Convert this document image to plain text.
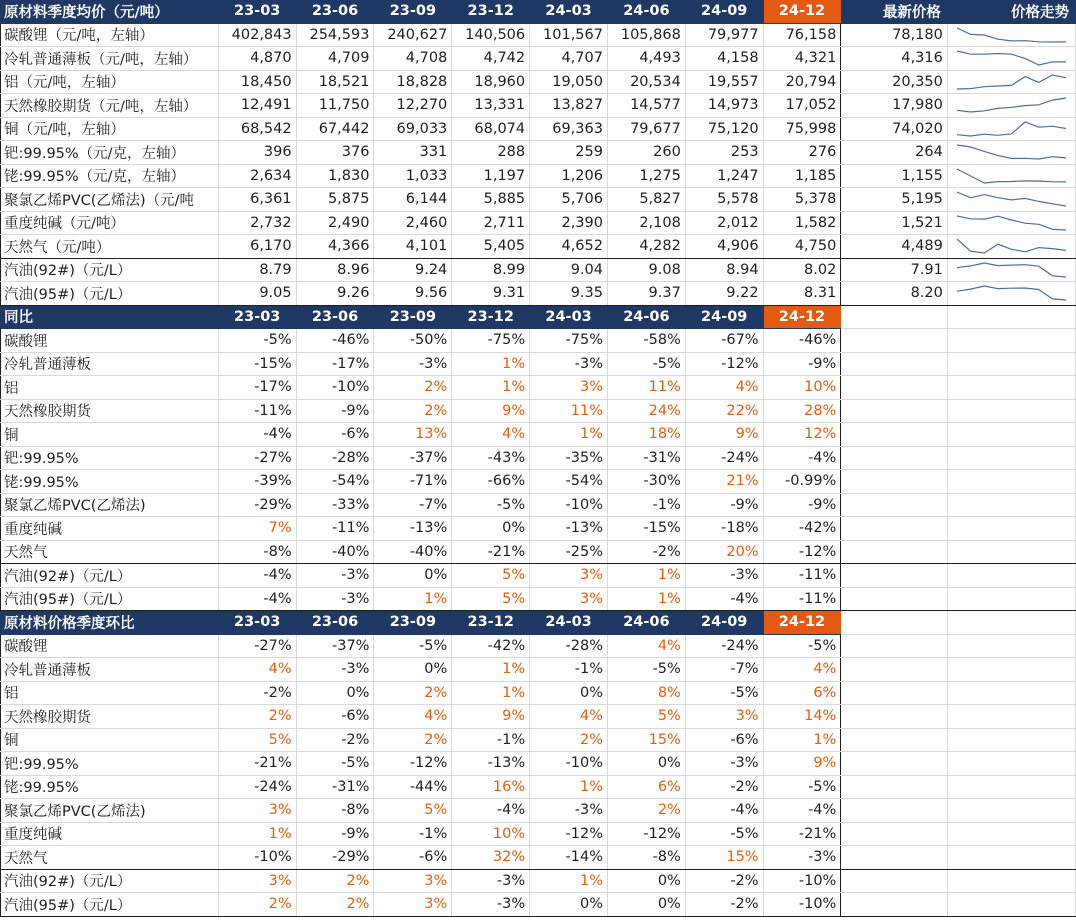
原材料季度均价（元/吨）	23-03	23-06	23-09	23-12	24-03	24-06	24-09	24-12	最新价格	价格走势
碳酸锂（元/吨，左轴）	402,843	254,593	240,627	140,506	101,567	105,868	79,977	76,158	78,180	

冷轧普通薄板（元/吨，左轴）	4,870	4,709	4,708	4,742	4,707	4,493	4,158	4,321	4,316	

铝（元/吨，左轴）	18,450	18,521	18,828	18,960	19,050	20,534	19,557	20,794	20,350	

天然橡胶期货（元/吨，左轴）	12,491	11,750	12,270	13,331	13,827	14,577	14,973	17,052	17,980	

铜（元/吨，左轴）	68,542	67,442	69,033	68,074	69,363	79,677	75,120	75,998	74,020	

钯:99.95%（元/克，左轴）	396	376	331	288	259	260	253	276	264	

铑:99.95%（元/克，左轴）	2,634	1,830	1,033	1,197	1,206	1,275	1,247	1,185	1,155	

聚氯乙烯PVC(乙烯法)（元/吨	6,361	5,875	6,144	5,885	5,706	5,827	5,578	5,378	5,195	

重度纯碱（元/吨）	2,732	2,490	2,460	2,711	2,390	2,108	2,012	1,582	1,521	

天然气（元/吨）	6,170	4,366	4,101	5,405	4,652	4,282	4,906	4,750	4,489	

汽油(92#)（元/L）	8.79	8.96	9.24	8.99	9.04	9.08	8.94	8.02	7.91	

汽油(95#)（元/L）	9.05	9.26	9.56	9.31	9.35	9.37	9.22	8.31	8.20	

同比	23-03	23-06	23-09	23-12	24-03	24-06	24-09	24-12		
碳酸锂	-5%	-46%	-50%	-75%	-75%	-58%	-67%	-46%		
冷轧普通薄板	-15%	-17%	-3%	1%	-3%	-5%	-12%	-9%		
铝	-17%	-10%	2%	1%	3%	11%	4%	10%		
天然橡胶期货	-11%	-9%	2%	9%	11%	24%	22%	28%		
铜	-4%	-6%	13%	4%	1%	18%	9%	12%		
钯:99.95%	-27%	-28%	-37%	-43%	-35%	-31%	-24%	-4%		
铑:99.95%	-39%	-54%	-71%	-66%	-54%	-30%	21%	-0.99%		
聚氯乙烯PVC(乙烯法)	-29%	-33%	-7%	-5%	-10%	-1%	-9%	-9%		
重度纯碱	7%	-11%	-13%	0%	-13%	-15%	-18%	-42%		
天然气	-8%	-40%	-40%	-21%	-25%	-2%	20%	-12%		
汽油(92#)（元/L）	-4%	-3%	0%	5%	3%	1%	-3%	-11%		
汽油(95#)（元/L）	-4%	-3%	1%	5%	3%	1%	-4%	-11%		
原材料价格季度环比	23-03	23-06	23-09	23-12	24-03	24-06	24-09	24-12		
碳酸锂	-27%	-37%	-5%	-42%	-28%	4%	-24%	-5%		
冷轧普通薄板	4%	-3%	0%	1%	-1%	-5%	-7%	4%		
铝	-2%	0%	2%	1%	0%	8%	-5%	6%		
天然橡胶期货	2%	-6%	4%	9%	4%	5%	3%	14%		
铜	5%	-2%	2%	-1%	2%	15%	-6%	1%		
钯:99.95%	-21%	-5%	-12%	-13%	-10%	0%	-3%	9%		
铑:99.95%	-24%	-31%	-44%	16%	1%	6%	-2%	-5%		
聚氯乙烯PVC(乙烯法)	3%	-8%	5%	-4%	-3%	2%	-4%	-4%		
重度纯碱	1%	-9%	-1%	10%	-12%	-12%	-5%	-21%		
天然气	-10%	-29%	-6%	32%	-14%	-8%	15%	-3%		
汽油(92#)（元/L）	3%	2%	3%	-3%	1%	0%	-2%	-10%		
汽油(95#)（元/L）	2%	2%	3%	-3%	0%	0%	-2%	-10%		
